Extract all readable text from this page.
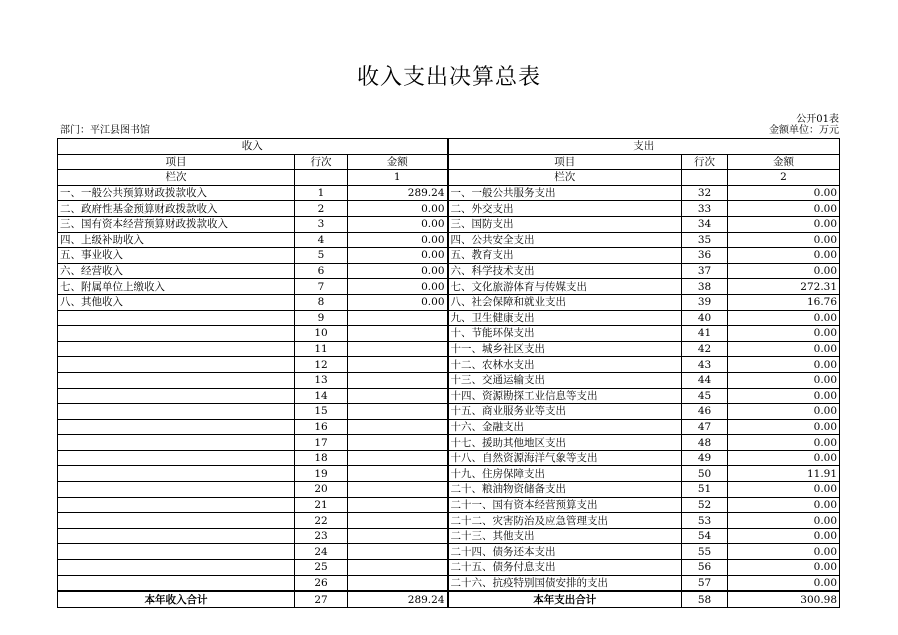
收入支出决算总表
公开01表
部门：平江县图书馆	金额单位：万元
收入			支出		
项目	行次	金额	项目	行次	金额
栏次		1	栏次		2
一、一般公共预算财政拨款收入	1	289.24	一、一般公共服务支出	32	0.00
二、政府性基金预算财政拨款收入	2	0.00	二、外交支出	33	0.00
三、国有资本经营预算财政拨款收入	3	0.00	三、国防支出	34	0.00
四、上级补助收入	4	0.00	四、公共安全支出	35	0.00
五、事业收入	5	0.00	五、教育支出	36	0.00
六、经营收入	6	0.00	六、科学技术支出	37	0.00
七、附属单位上缴收入	7	0.00	七、文化旅游体育与传媒支出	38	272.31
八、其他收入	8	0.00	八、社会保障和就业支出	39	16.76
	9		九、卫生健康支出	40	0.00
	10		十、节能环保支出	41	0.00
	11		十一、城乡社区支出	42	0.00
	12		十二、农林水支出	43	0.00
	13		十三、交通运输支出	44	0.00
	14		十四、资源勘探工业信息等支出	45	0.00
	15		十五、商业服务业等支出	46	0.00
	16		十六、金融支出	47	0.00
	17		十七、援助其他地区支出	48	0.00
	18		十八、自然资源海洋气象等支出	49	0.00
	19		十九、住房保障支出	50	11.91
	20		二十、粮油物资储备支出	51	0.00
	21		二十一、国有资本经营预算支出	52	0.00
	22		二十二、灾害防治及应急管理支出	53	0.00
	23		二十三、其他支出	54	0.00
	24		二十四、债务还本支出	55	0.00
	25		二十五、债务付息支出	56	0.00
	26		二十六、抗疫特别国债安排的支出	57	0.00
本年收入合计	27	289.24	本年支出合计	58	300.98
